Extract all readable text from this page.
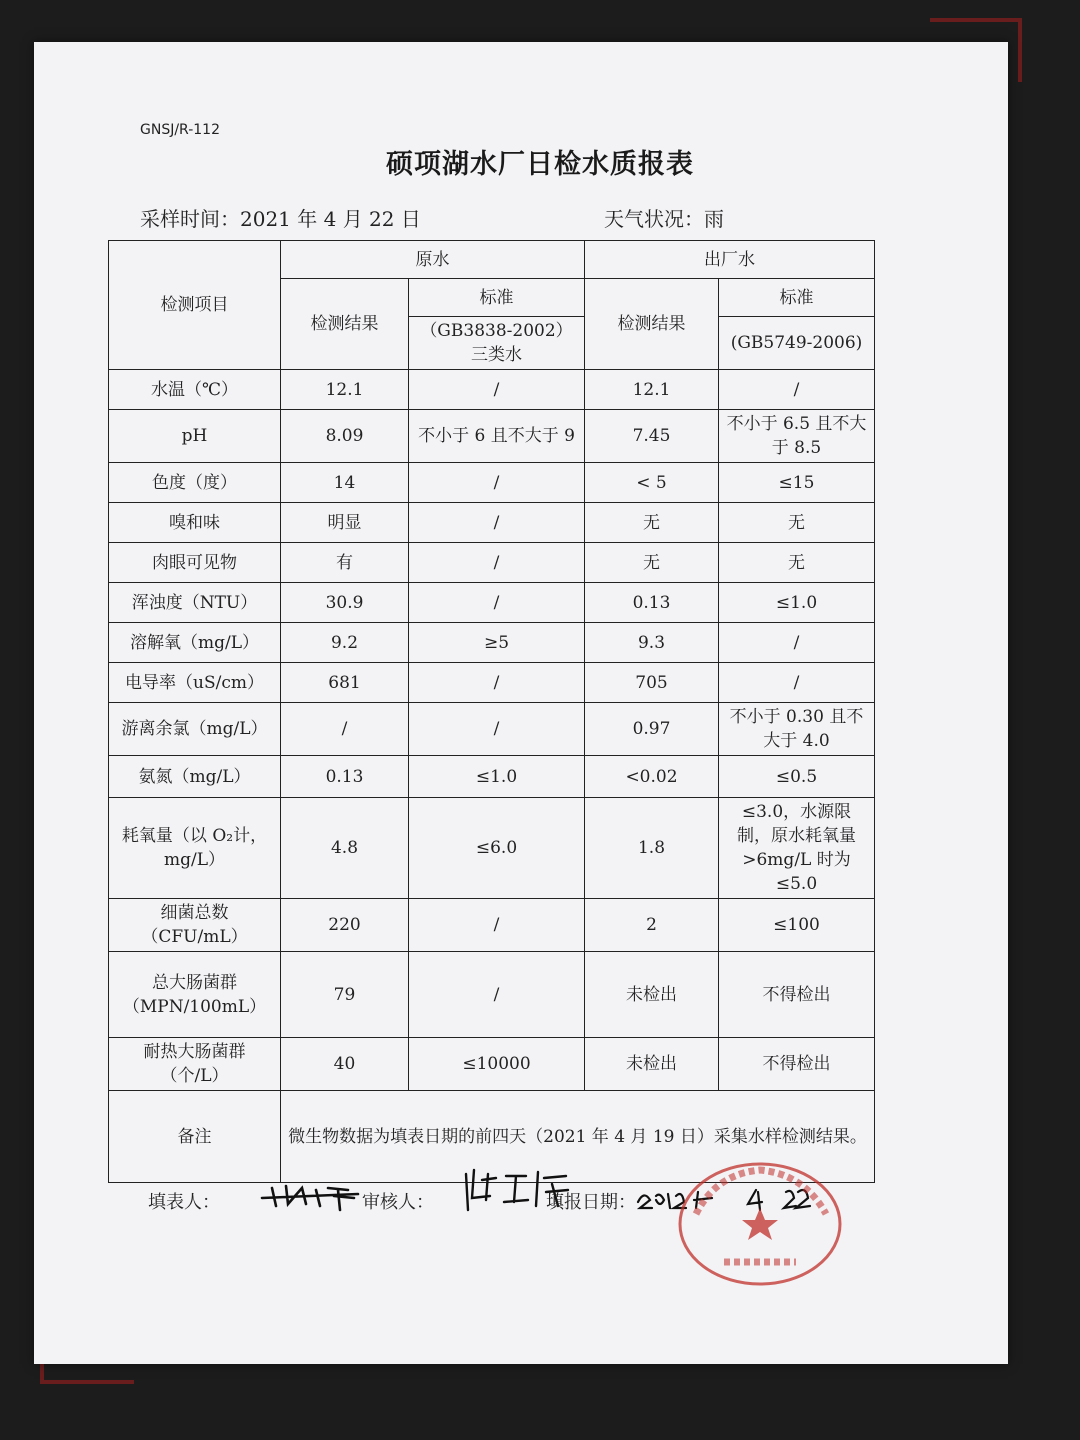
GNSJ/R-112
硕项湖水厂日检水质报表
采样时间：2021 年 4 月 22 日	天气状况：雨
检测项目	原水		出厂水	
	检测结果	标准	检测结果	标准
		（GB3838-2002）三类水		(GB5749-2006)
水温（℃）	12.1	/	12.1	/
pH	8.09	不小于 6 且不大于 9	7.45	不小于 6.5 且不大于 8.5
色度（度）	14	/	< 5	≤15
嗅和味	明显	/	无	无
肉眼可见物	有	/	无	无
浑浊度（NTU）	30.9	/	0.13	≤1.0
溶解氧（mg/L）	9.2	≥5	9.3	/
电导率（uS/cm）	681	/	705	/
游离余氯（mg/L）	/	/	0.97	不小于 0.30 且不大于 4.0
氨氮（mg/L）	0.13	≤1.0	<0.02	≤0.5
耗氧量（以 O₂计，mg/L）	4.8	≤6.0	1.8	≤3.0，水源限制，原水耗氧量>6mg/L 时为≤5.0
细菌总数（CFU/mL）	220	/	2	≤100
总大肠菌群（MPN/100mL）	79	/	未检出	不得检出
耐热大肠菌群（个/L）	40	≤10000	未检出	不得检出
备注	微生物数据为填表日期的前四天（2021 年 4 月 19 日）采集水样检测结果。			
填表人：	审核人：	填报日期：
